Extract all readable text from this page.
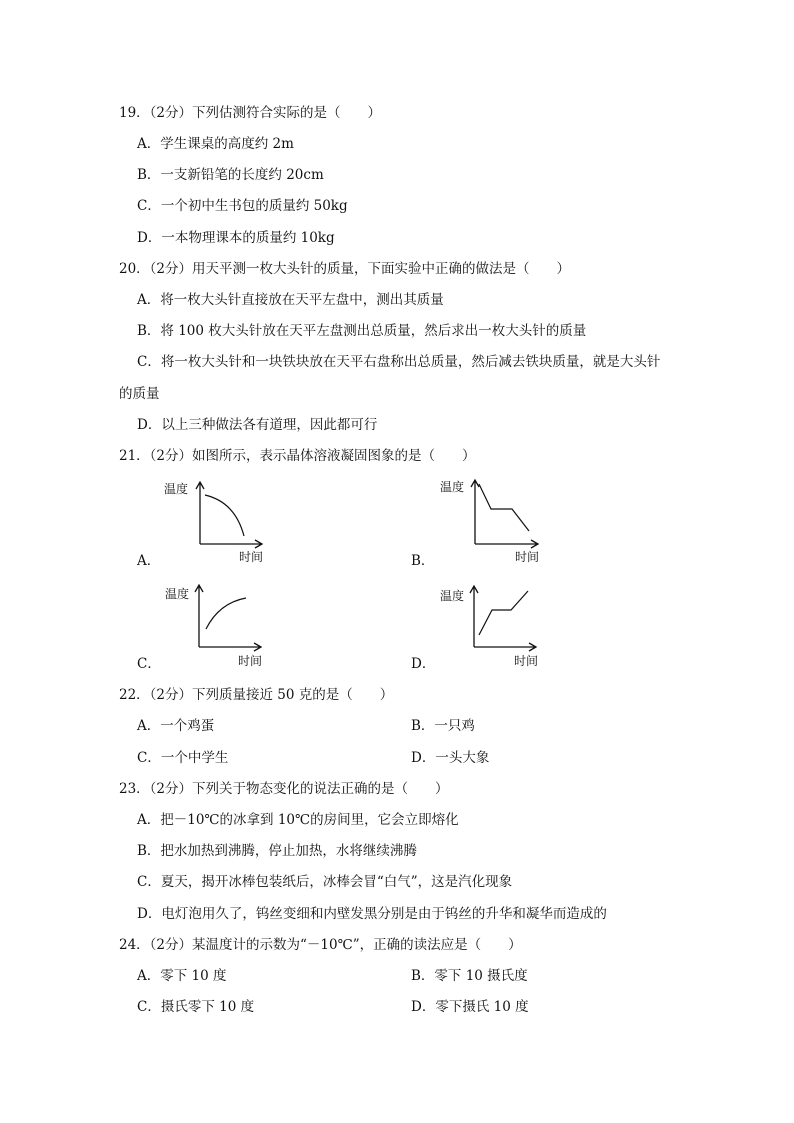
19．（2分）下列估测符合实际的是（　　）
A．学生课桌的高度约 2m
B．一支新铅笔的长度约 20cm
C．一个初中生书包的质量约 50kg
D．一本物理课本的质量约 10kg
20．（2分）用天平测一枚大头针的质量，下面实验中正确的做法是（　　）
A．将一枚大头针直接放在天平左盘中，测出其质量
B．将 100 枚大头针放在天平左盘测出总质量，然后求出一枚大头针的质量
C．将一枚大头针和一块铁块放在天平右盘称出总质量，然后减去铁块质量，就是大头针
的质量
D．以上三种做法各有道理，因此都可行
21．（2分）如图所示，表示晶体溶液凝固图象的是（　　）
A．
温度
时间	B．
温度
时间
C．
温度
时间	D．
温度
时间
22．（2分）下列质量接近 50 克的是（　　）
A．一个鸡蛋	B．一只鸡
C．一个中学生	D．一头大象
23．（2分）下列关于物态变化的说法正确的是（　　）
A．把－10℃的冰拿到 10℃的房间里，它会立即熔化
B．把水加热到沸腾，停止加热，水将继续沸腾
C．夏天，揭开冰棒包装纸后，冰棒会冒“白气”，这是汽化现象
D．电灯泡用久了，钨丝变细和内壁发黑分别是由于钨丝的升华和凝华而造成的
24．（2分）某温度计的示数为“－10℃”，正确的读法应是（　　）
A．零下 10 度	B．零下 10 摄氏度
C．摄氏零下 10 度	D．零下摄氏 10 度
